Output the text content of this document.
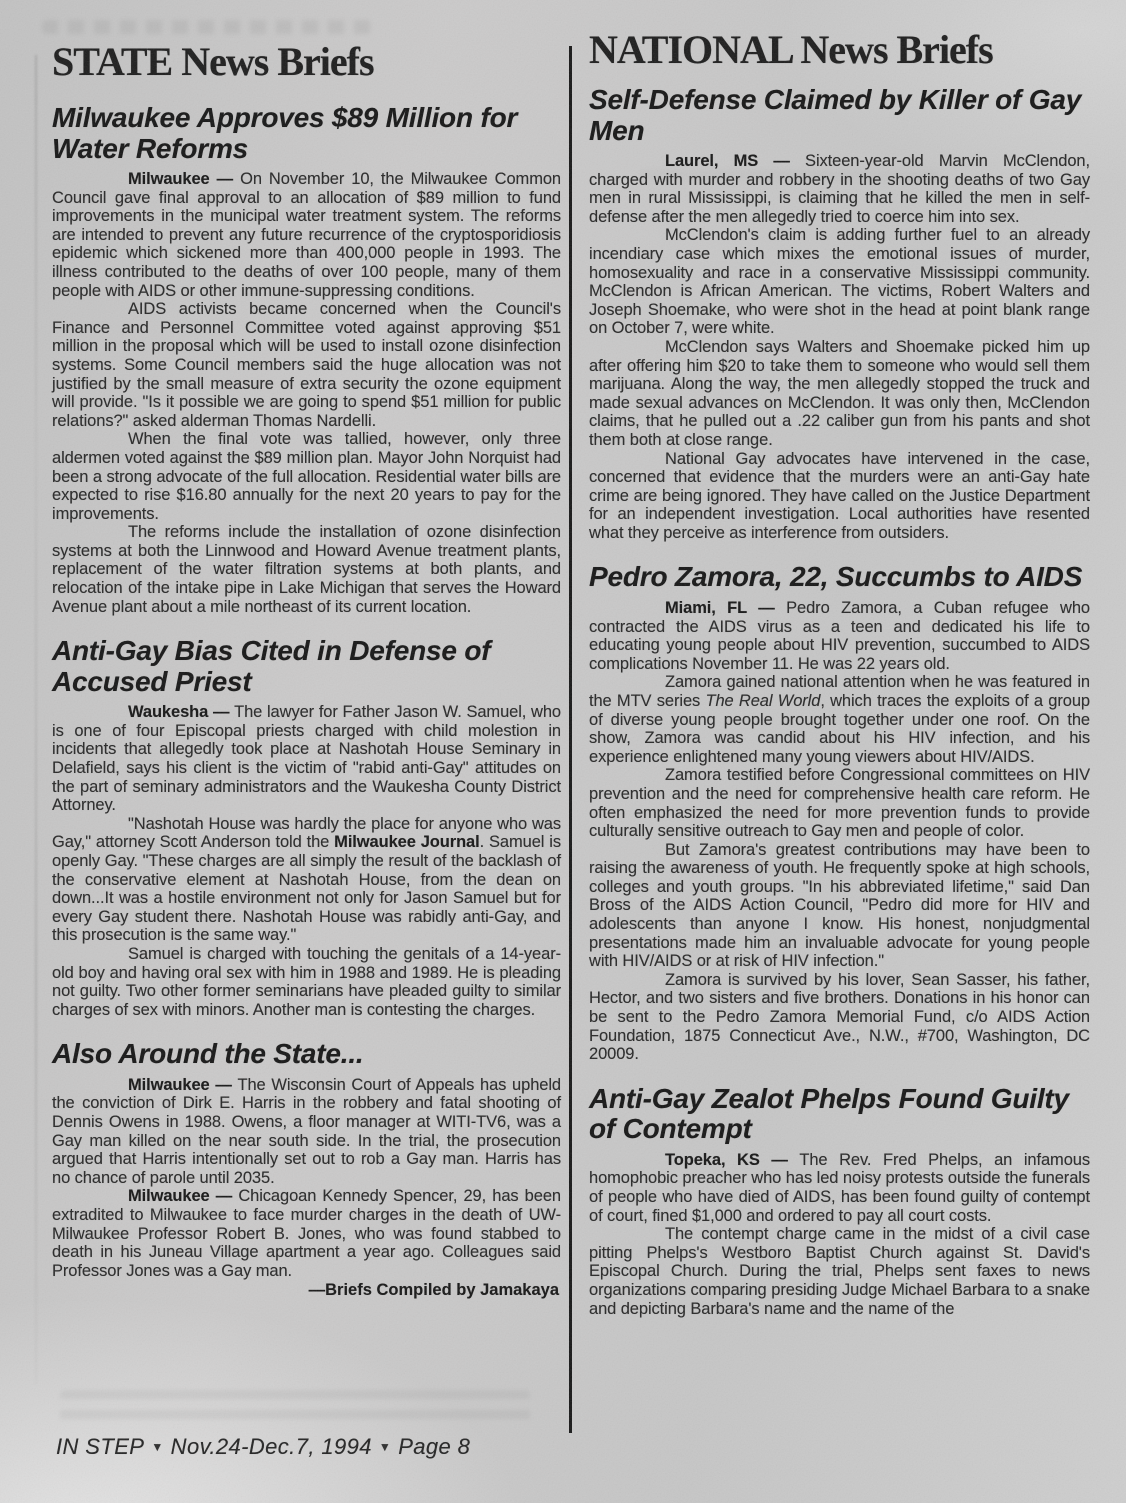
STATE News Briefs
Milwaukee Approves $89 Million for Water Reforms

Milwaukee — On November 10, the Milwaukee Common Council gave final approval to an allocation of $89 million to fund improvements in the municipal water treatment system. The reforms are intended to prevent any future recurrence of the cryptosporidiosis epidemic which sickened more than 400,000 people in 1993. The illness contributed to the deaths of over 100 people, many of them people with AIDS or other immune-suppressing conditions.

AIDS activists became concerned when the Council's Finance and Personnel Committee voted against approving $51 million in the proposal which will be used to install ozone disinfection systems. Some Council members said the huge allocation was not justified by the small measure of extra security the ozone equipment will provide. "Is it possible we are going to spend $51 million for public relations?" asked alderman Thomas Nardelli.

When the final vote was tallied, however, only three aldermen voted against the $89 million plan. Mayor John Norquist had been a strong advocate of the full allocation. Residential water bills are expected to rise $16.80 annually for the next 20 years to pay for the improvements.

The reforms include the installation of ozone disinfection systems at both the Linnwood and Howard Avenue treatment plants, replacement of the water filtration systems at both plants, and relocation of the intake pipe in Lake Michigan that serves the Howard Avenue plant about a mile northeast of its current location.

Anti-Gay Bias Cited in Defense of Accused Priest

Waukesha — The lawyer for Father Jason W. Samuel, who is one of four Episcopal priests charged with child molestion in incidents that allegedly took place at Nashotah House Seminary in Delafield, says his client is the victim of "rabid anti-Gay" attitudes on the part of seminary administrators and the Waukesha County District Attorney.

"Nashotah House was hardly the place for anyone who was Gay," attorney Scott Anderson told the Milwaukee Journal. Samuel is openly Gay. "These charges are all simply the result of the backlash of the conservative element at Nashotah House, from the dean on down...It was a hostile environment not only for Jason Samuel but for every Gay student there. Nashotah House was rabidly anti-Gay, and this prosecution is the same way."

Samuel is charged with touching the genitals of a 14-year-old boy and having oral sex with him in 1988 and 1989. He is pleading not guilty. Two other former seminarians have pleaded guilty to similar charges of sex with minors. Another man is contesting the charges.

Also Around the State...

Milwaukee — The Wisconsin Court of Appeals has upheld the conviction of Dirk E. Harris in the robbery and fatal shooting of Dennis Owens in 1988. Owens, a floor manager at WITI-TV6, was a Gay man killed on the near south side. In the trial, the prosecution argued that Harris intentionally set out to rob a Gay man. Harris has no chance of parole until 2035.

Milwaukee — Chicagoan Kennedy Spencer, 29, has been extradited to Milwaukee to face murder charges in the death of UW-Milwaukee Professor Robert B. Jones, who was found stabbed to death in his Juneau Village apartment a year ago. Colleagues said Professor Jones was a Gay man.

—Briefs Compiled by Jamakaya

NATIONAL News Briefs
Self-Defense Claimed by Killer of Gay Men

Laurel, MS — Sixteen-year-old Marvin McClendon, charged with murder and robbery in the shooting deaths of two Gay men in rural Mississippi, is claiming that he killed the men in self- defense after the men allegedly tried to coerce him into sex.

McClendon's claim is adding further fuel to an already incendiary case which mixes the emotional issues of murder, homosexuality and race in a conservative Mississippi community. McClendon is African American. The victims, Robert Walters and Joseph Shoemake, who were shot in the head at point blank range on October 7, were white.

McClendon says Walters and Shoemake picked him up after offering him $20 to take them to someone who would sell them marijuana. Along the way, the men allegedly stopped the truck and made sexual advances on McClendon. It was only then, McClendon claims, that he pulled out a .22 caliber gun from his pants and shot them both at close range.

National Gay advocates have intervened in the case, concerned that evidence that the murders were an anti-Gay hate crime are being ignored. They have called on the Justice Department for an independent investigation. Local authorities have resented what they perceive as interference from outsiders.

Pedro Zamora, 22, Succumbs to AIDS

Miami, FL — Pedro Zamora, a Cuban refugee who contracted the AIDS virus as a teen and dedicated his life to educating young people about HIV prevention, succumbed to AIDS complications November 11. He was 22 years old.

Zamora gained national attention when he was featured in the MTV series The Real World, which traces the exploits of a group of diverse young people brought together under one roof. On the show, Zamora was candid about his HIV infection, and his experience enlightened many young viewers about HIV/AIDS.

Zamora testified before Congressional committees on HIV prevention and the need for comprehensive health care reform. He often emphasized the need for more prevention funds to provide culturally sensitive outreach to Gay men and people of color.

But Zamora's greatest contributions may have been to raising the awareness of youth. He frequently spoke at high schools, colleges and youth groups. "In his abbreviated lifetime," said Dan Bross of the AIDS Action Council, "Pedro did more for HIV and adolescents than anyone I know. His honest, nonjudgmental presentations made him an invaluable advocate for young people with HIV/AIDS or at risk of HIV infection."

Zamora is survived by his lover, Sean Sasser, his father, Hector, and two sisters and five brothers. Donations in his honor can be sent to the Pedro Zamora Memorial Fund, c/o AIDS Action Foundation, 1875 Connecticut Ave., N.W., #700, Washington, DC 20009.

Anti-Gay Zealot Phelps Found Guilty of Contempt

Topeka, KS — The Rev. Fred Phelps, an infamous homophobic preacher who has led noisy protests outside the funerals of people who have died of AIDS, has been found guilty of contempt of court, fined $1,000 and ordered to pay all court costs.

The contempt charge came in the midst of a civil case pitting Phelps's Westboro Baptist Church against St. David's Episcopal Church. During the trial, Phelps sent faxes to news organizations comparing presiding Judge Michael Barbara to a snake and depicting Barbara's name and the name of the

IN STEP ▼ Nov.24-Dec.7, 1994 ▼ Page 8
